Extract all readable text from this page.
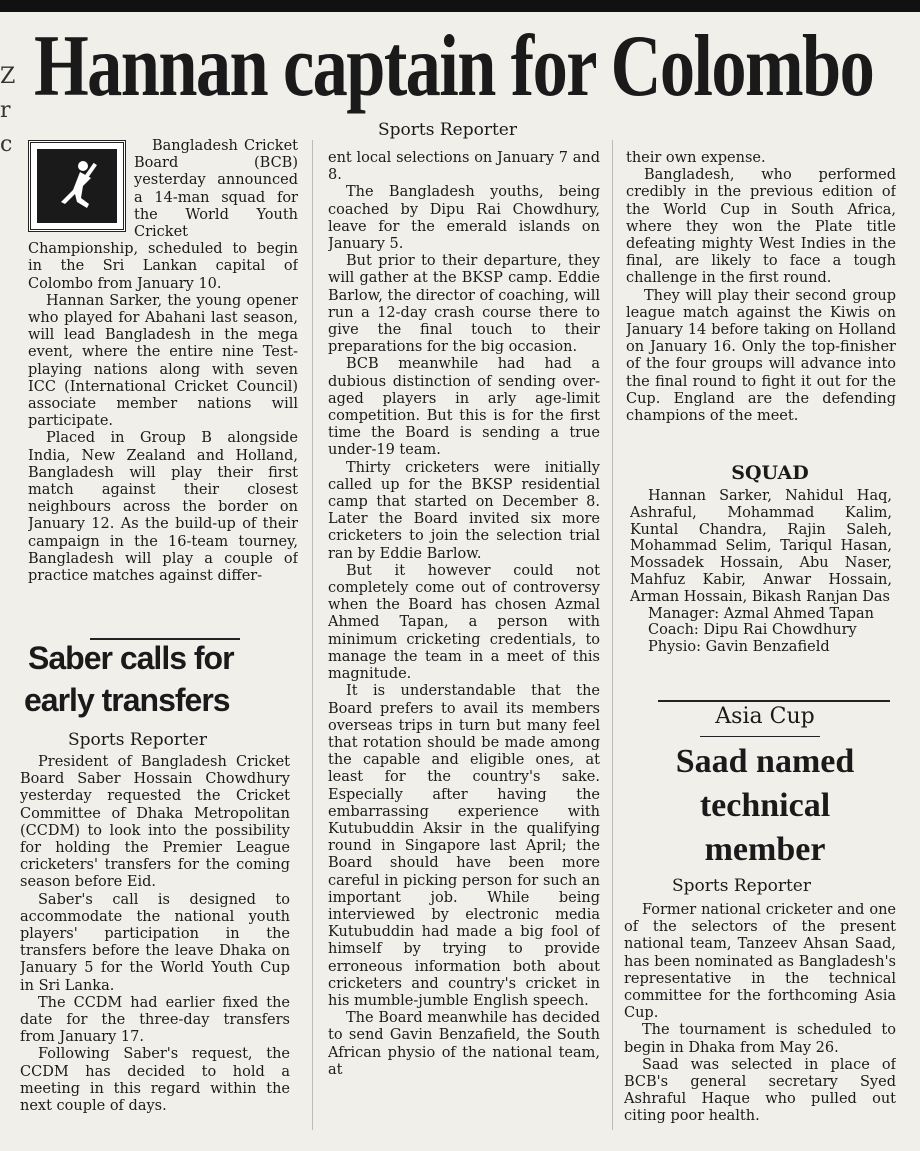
Z
r
c
Hannan captain for Colombo
Sports Reporter

Bangladesh Cricket Board (BCB) yesterday announced a 14-man squad for the World Youth Cricket Championship, scheduled to begin in the Sri Lankan capital of Colombo from January 10.

Hannan Sarker, the young opener who played for Abahani last season, will lead Bangladesh in the mega event, where the entire nine Test-playing nations along with seven ICC (International Cricket Council) associate member nations will participate.

Placed in Group B alongside India, New Zealand and Holland, Bangladesh will play their first match against their closest neighbours across the border on January 12. As the build-up of their campaign in the 16-team tourney, Bangladesh will play a couple of practice matches against differ-

Saber calls for
early transfers
Sports Reporter

President of Bangladesh Cricket Board Saber Hossain Chowdhury yesterday requested the Cricket Committee of Dhaka Metropolitan (CCDM) to look into the possibility for holding the Premier League cricketers' transfers for the coming season before Eid.

Saber's call is designed to accommodate the national youth players' participation in the transfers before the leave Dhaka on January 5 for the World Youth Cup in Sri Lanka.

The CCDM had earlier fixed the date for the three-day transfers from January 17.

Following Saber's request, the CCDM has decided to hold a meeting in this regard within the next couple of days.

ent local selections on January 7 and 8.

The Bangladesh youths, being coached by Dipu Rai Chowdhury, leave for the emerald islands on January 5.

But prior to their departure, they will gather at the BKSP camp. Eddie Barlow, the director of coaching, will run a 12-day crash course there to give the final touch to their preparations for the big occasion.

BCB meanwhile had had a dubious distinction of sending over-aged players in arly age-limit competition. But this is for the first time the Board is sending a true under-19 team.

Thirty cricketers were initially called up for the BKSP residential camp that started on December 8. Later the Board invited six more cricketers to join the selection trial ran by Eddie Barlow.

But it however could not completely come out of controversy when the Board has chosen Azmal Ahmed Tapan, a person with minimum cricketing credentials, to manage the team in a meet of this magnitude.

It is understandable that the Board prefers to avail its members overseas trips in turn but many feel that rotation should be made among the capable and eligible ones, at least for the country's sake. Especially after having the embarrassing experience with Kutubuddin Aksir in the qualifying round in Singapore last April; the Board should have been more careful in picking person for such an important job. While being interviewed by electronic media Kutubuddin had made a big fool of himself by trying to provide erroneous information both about cricketers and country's cricket in his mumble-jumble English speech.

The Board meanwhile has decided to send Gavin Benzafield, the South African physio of the national team, at

their own expense.

Bangladesh, who performed credibly in the previous edition of the World Cup in South Africa, where they won the Plate title defeating mighty West Indies in the final, are likely to face a tough challenge in the first round.

They will play their second group league match against the Kiwis on January 14 before taking on Holland on January 16. Only the top-finisher of the four groups will advance into the final round to fight it out for the Cup. England are the defending champions of the meet.

SQUAD

Hannan Sarker, Nahidul Haq, Ashraful, Mohammad Kalim, Kuntal Chandra, Rajin Saleh, Mohammad Selim, Tariqul Hasan, Mossadek Hossain, Abu Naser, Mahfuz Kabir, Anwar Hossain, Arman Hossain, Bikash Ranjan Das

Manager: Azmal Ahmed Tapan

Coach: Dipu Rai Chowdhury

Physio: Gavin Benzafield

Asia Cup
Saad named
technical
member
Sports Reporter

Former national cricketer and one of the selectors of the present national team, Tanzeev Ahsan Saad, has been nominated as Bangladesh's representative in the technical committee for the forthcoming Asia Cup.

The tournament is scheduled to begin in Dhaka from May 26.

Saad was selected in place of BCB's general secretary Syed Ashraful Haque who pulled out citing poor health.
